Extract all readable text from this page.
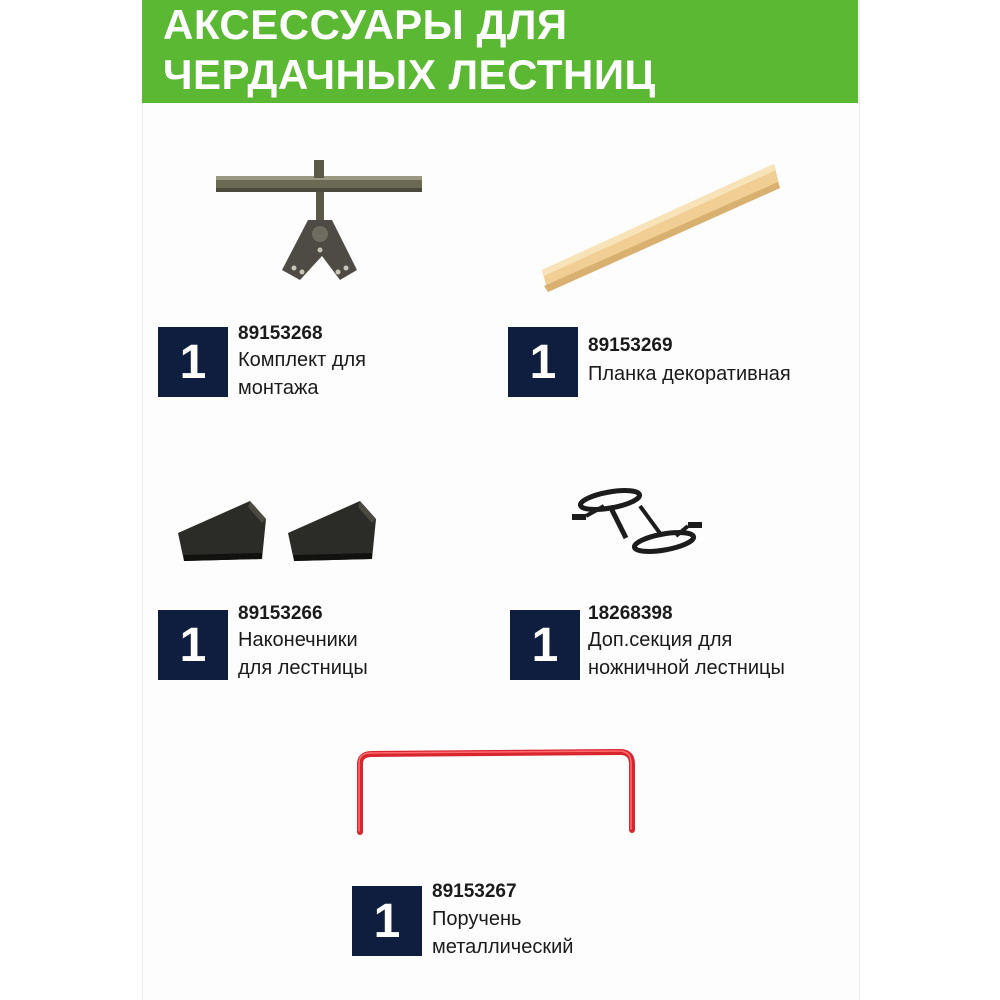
АКСЕССУАРЫ ДЛЯ
ЧЕРДАЧНЫХ ЛЕСТНИЦ
1
89153268
Комплект для
монтажа	1	89153269
Планка декоративная
1
89153266
Наконечники
для лестницы	1
18268398
Доп.секция для
ножничной лестницы
1
89153267
Поручень
металлический
